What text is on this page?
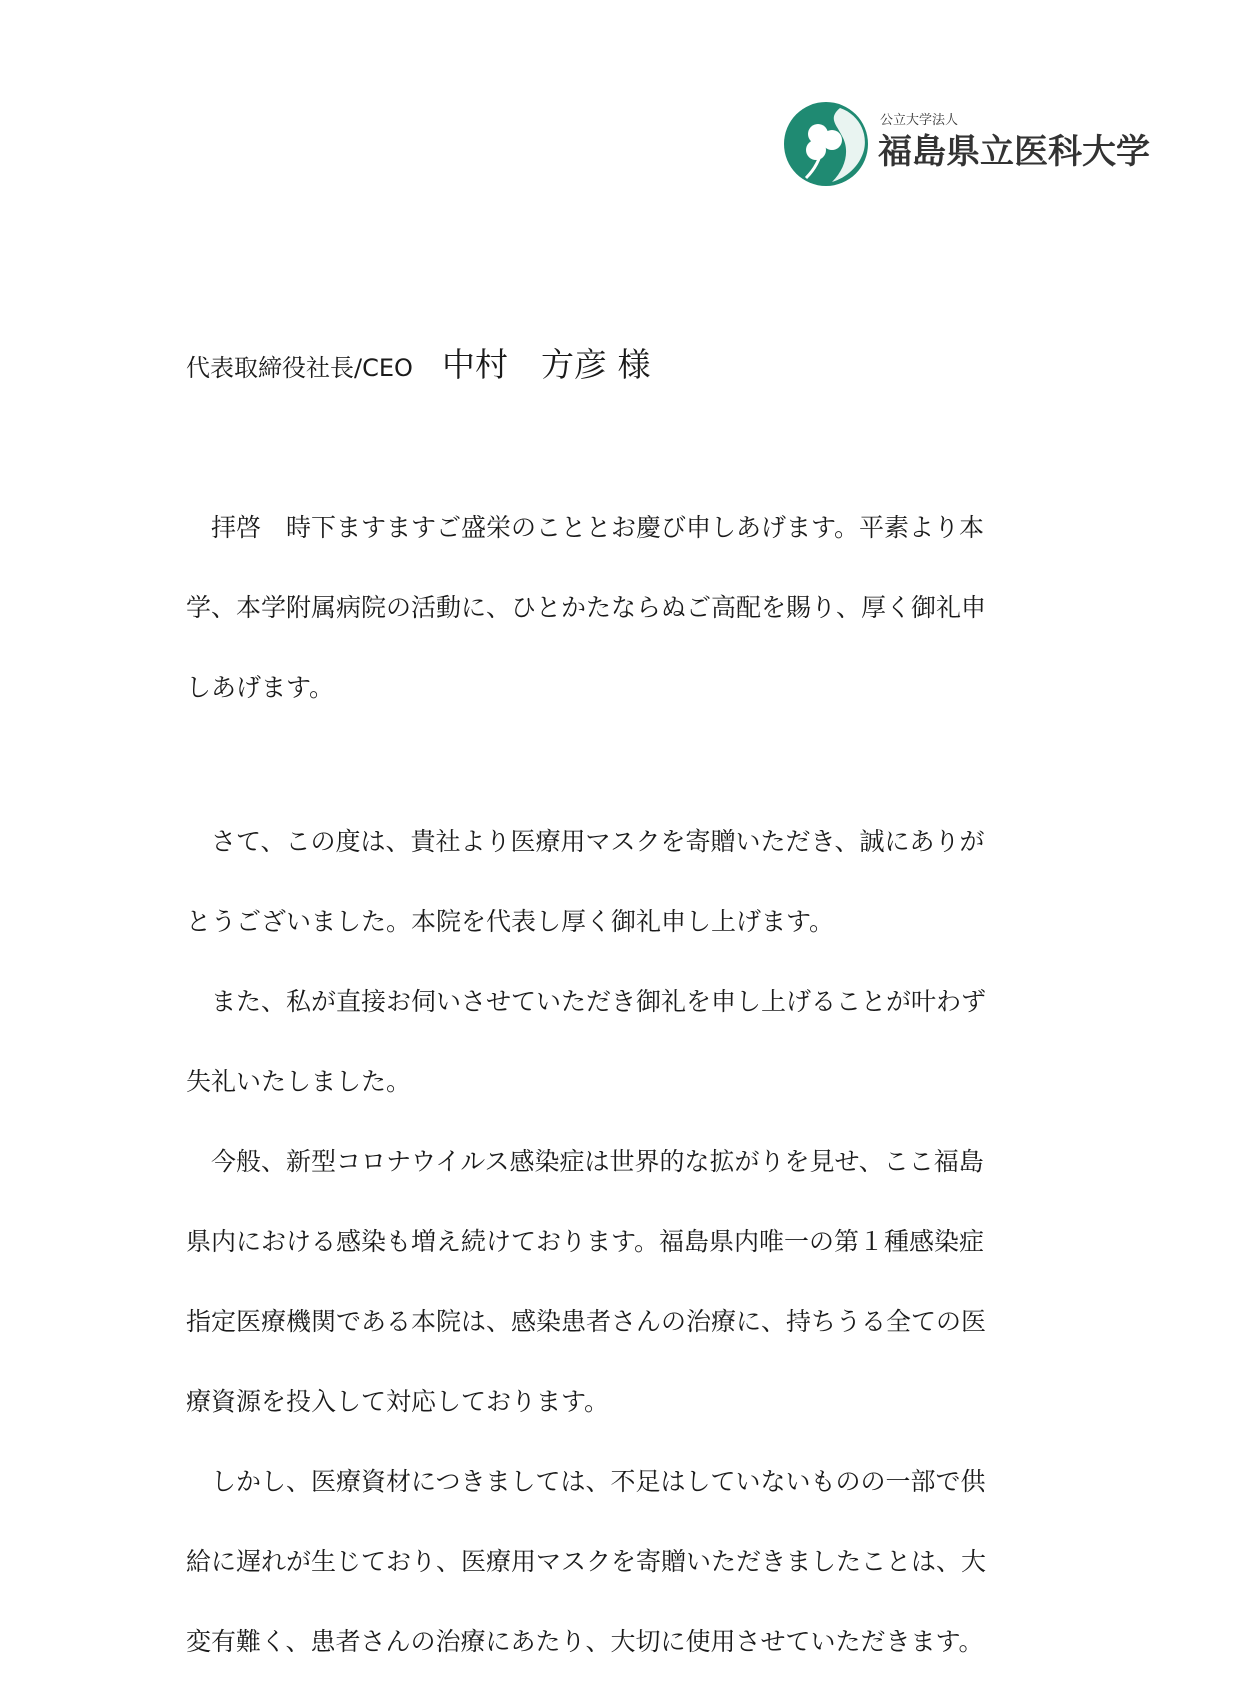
公立大学法人
福島県立医科大学
代表取締役社長/CEO 中村　方彦 様
　拝啓　時下ますますご盛栄のこととお慶び申しあげます。平素より本
学、本学附属病院の活動に、ひとかたならぬご高配を賜り、厚く御礼申
しあげます。
　さて、この度は、貴社より医療用マスクを寄贈いただき、誠にありが
とうございました。本院を代表し厚く御礼申し上げます。
　また、私が直接お伺いさせていただき御礼を申し上げることが叶わず
失礼いたしました。
　今般、新型コロナウイルス感染症は世界的な拡がりを見せ、ここ福島
県内における感染も増え続けております。福島県内唯一の第１種感染症
指定医療機関である本院は、感染患者さんの治療に、持ちうる全ての医
療資源を投入して対応しております。
　しかし、医療資材につきましては、不足はしていないものの一部で供
給に遅れが生じており、医療用マスクを寄贈いただきましたことは、大
変有難く、患者さんの治療にあたり、大切に使用させていただきます。
